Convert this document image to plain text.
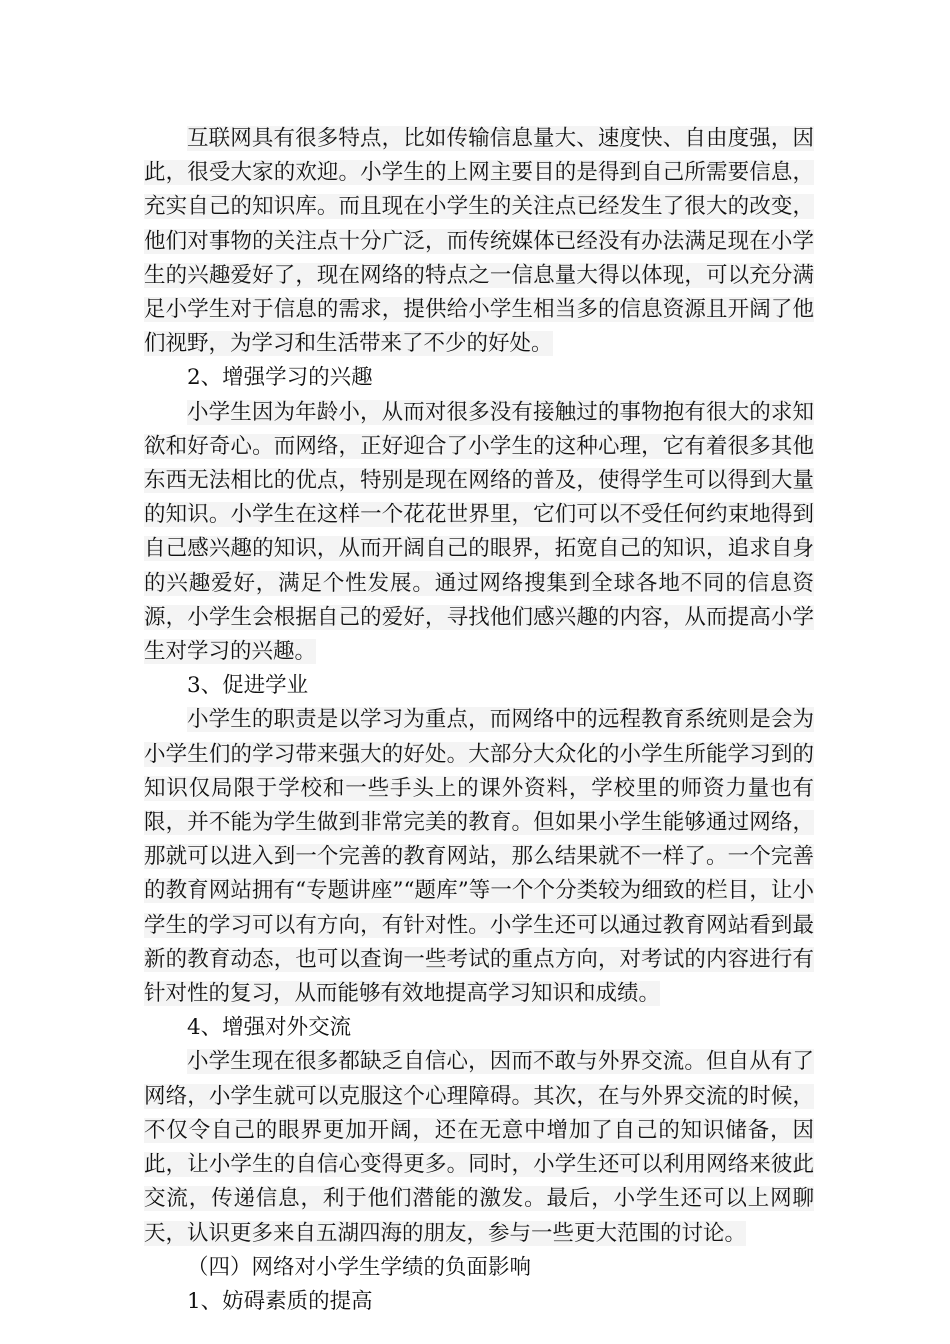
互联网具有很多特点，比如传输信息量大、速度快、自由度强，因此，很受大家的欢迎。小学生的上网主要目的是得到自己所需要信息，充实自己的知识库。而且现在小学生的关注点已经发生了很大的改变，他们对事物的关注点十分广泛，而传统媒体已经没有办法满足现在小学生的兴趣爱好了，现在网络的特点之一信息量大得以体现，可以充分满足小学生对于信息的需求，提供给小学生相当多的信息资源且开阔了他们视野，为学习和生活带来了不少的好处。

2、增强学习的兴趣

小学生因为年龄小，从而对很多没有接触过的事物抱有很大的求知欲和好奇心。而网络，正好迎合了小学生的这种心理，它有着很多其他东西无法相比的优点，特别是现在网络的普及，使得学生可以得到大量的知识。小学生在这样一个花花世界里，它们可以不受任何约束地得到自己感兴趣的知识，从而开阔自己的眼界，拓宽自己的知识，追求自身的兴趣爱好，满足个性发展。通过网络搜集到全球各地不同的信息资源，小学生会根据自己的爱好，寻找他们感兴趣的内容，从而提高小学生对学习的兴趣。

3、促进学业

小学生的职责是以学习为重点，而网络中的远程教育系统则是会为小学生们的学习带来强大的好处。大部分大众化的小学生所能学习到的知识仅局限于学校和一些手头上的课外资料，学校里的师资力量也有限，并不能为学生做到非常完美的教育。但如果小学生能够通过网络，那就可以进入到一个完善的教育网站，那么结果就不一样了。一个完善的教育网站拥有“专题讲座”“题库”等一个个分类较为细致的栏目，让小学生的学习可以有方向，有针对性。小学生还可以通过教育网站看到最新的教育动态，也可以查询一些考试的重点方向，对考试的内容进行有针对性的复习，从而能够有效地提高学习知识和成绩。

4、增强对外交流

小学生现在很多都缺乏自信心，因而不敢与外界交流。但自从有了网络，小学生就可以克服这个心理障碍。其次，在与外界交流的时候，不仅令自己的眼界更加开阔，还在无意中增加了自己的知识储备，因此，让小学生的自信心变得更多。同时，小学生还可以利用网络来彼此交流，传递信息，利于他们潜能的激发。最后，小学生还可以上网聊天，认识更多来自五湖四海的朋友，参与一些更大范围的讨论。

（四）网络对小学生学绩的负面影响

1、妨碍素质的提高
